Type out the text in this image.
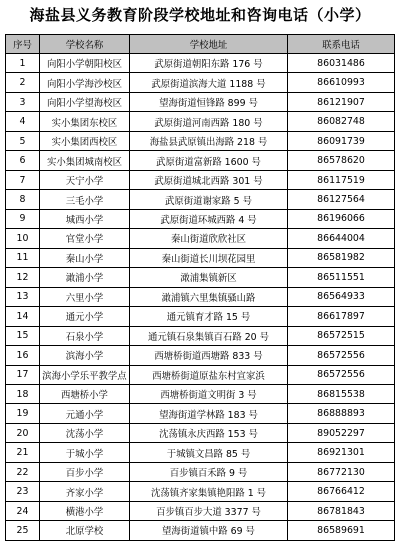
海盐县义务教育阶段学校地址和咨询电话（小学）
序号	学校名称	学校地址	联系电话
1	向阳小学朝阳校区	武原街道朝阳东路 176 号	86031486
2	向阳小学海沙校区	武原街道滨海大道 1188 号	86610993
3	向阳小学望海校区	望海街道恒锋路 899 号	86121907
4	实小集团东校区	武原街道河南西路 180 号	86082748
5	实小集团西校区	海盐县武原镇出海路 218 号	86091739
6	实小集团城南校区	武原街道富新路 1600 号	86578620
7	天宁小学	武原街道城北西路 301 号	86117519
8	三毛小学	武原街道谢家路 5 号	86127564
9	城西小学	武原街道环城西路 4 号	86196066
10	官堂小学	秦山街道欣欣社区	86644004
11	秦山小学	秦山街道长川坝花园里	86581982
12	澉浦小学	澉浦集镇新区	86511551
13	六里小学	澉浦镇六里集镇骚山路	86564933
14	通元小学	通元镇育才路 15 号	86617897
15	石泉小学	通元镇石泉集镇百石路 20 号	86572515
16	滨海小学	西塘桥街道西塘路 833 号	86572556
17	滨海小学乐平教学点	西塘桥街道原盐东村宣家浜	86572556
18	西塘桥小学	西塘桥街道文明街 3 号	86815538
19	元通小学	望海街道学林路 183 号	86888893
20	沈荡小学	沈荡镇永庆西路 153 号	89052297
21	于城小学	于城镇文昌路 85 号	86921301
22	百步小学	百步镇百禾路 9 号	86772130
23	齐家小学	沈荡镇齐家集镇艳阳路 1 号	86766412
24	横港小学	百步镇百步大道 3377 号	86781843
25	北原学校	望海街道镇中路 69 号	86589691
